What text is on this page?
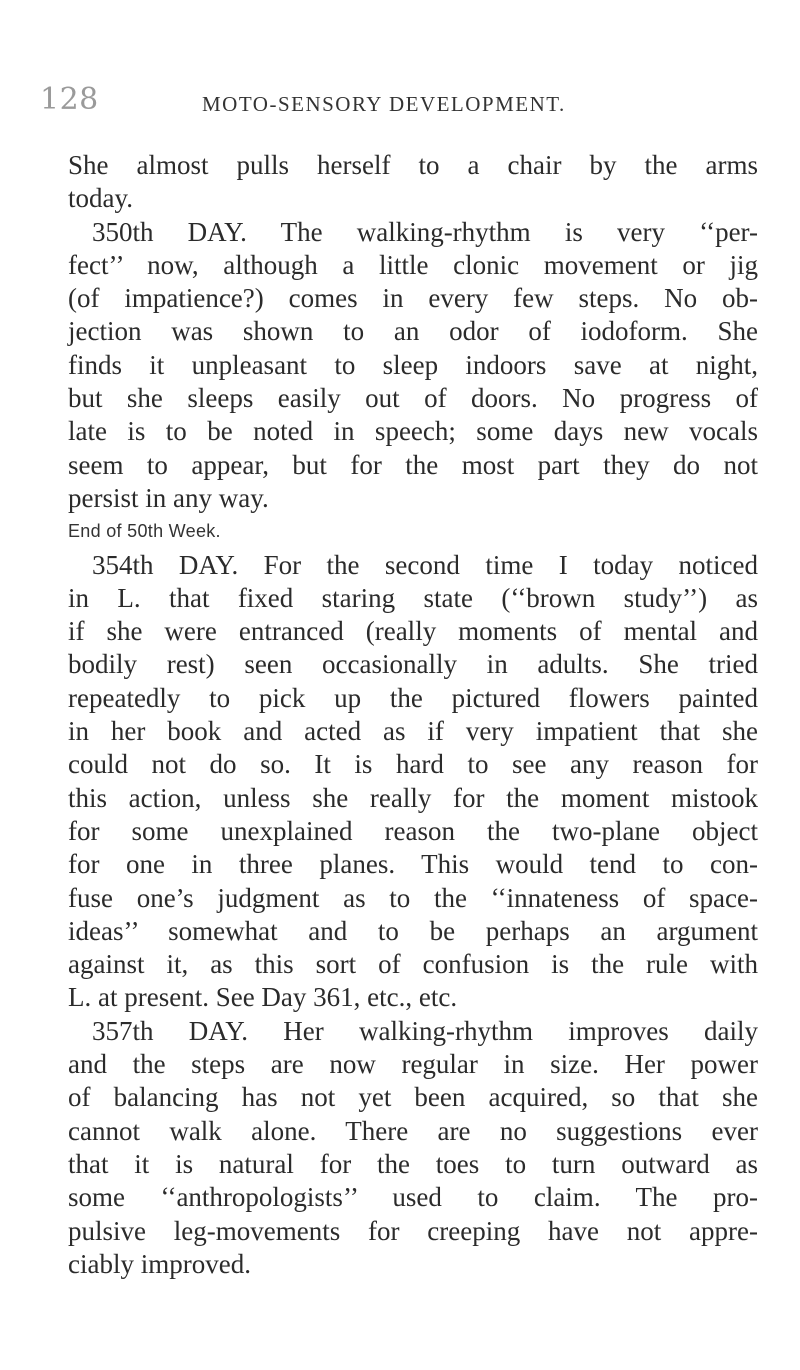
128	MOTO-SENSORY DEVELOPMENT.
She almost pulls herself to a chair by the arms
today.
350th DAY. The walking-rhythm is very ‘‘per-
fect’’ now, although a little clonic movement or jig
(of impatience?) comes in every few steps. No ob-
jection was shown to an odor of iodoform. She
finds it unpleasant to sleep indoors save at night,
but she sleeps easily out of doors. No progress of
late is to be noted in speech; some days new vocals
seem to appear, but for the most part they do not
persist in any way.
End of 50th Week.
354th DAY. For the second time I today noticed
in L. that fixed staring state (‘‘brown study’’) as
if she were entranced (really moments of mental and
bodily rest) seen occasionally in adults. She tried
repeatedly to pick up the pictured flowers painted
in her book and acted as if very impatient that she
could not do so. It is hard to see any reason for
this action, unless she really for the moment mistook
for some unexplained reason the two-plane object
for one in three planes. This would tend to con-
fuse one’s judgment as to the ‘‘innateness of space-
ideas’’ somewhat and to be perhaps an argument
against it, as this sort of confusion is the rule with
L. at present. See Day 361, etc., etc.
357th DAY. Her walking-rhythm improves daily
and the steps are now regular in size. Her power
of balancing has not yet been acquired, so that she
cannot walk alone. There are no suggestions ever
that it is natural for the toes to turn outward as
some ‘‘anthropologists’’ used to claim. The pro-
pulsive leg-movements for creeping have not appre-
ciably improved.
